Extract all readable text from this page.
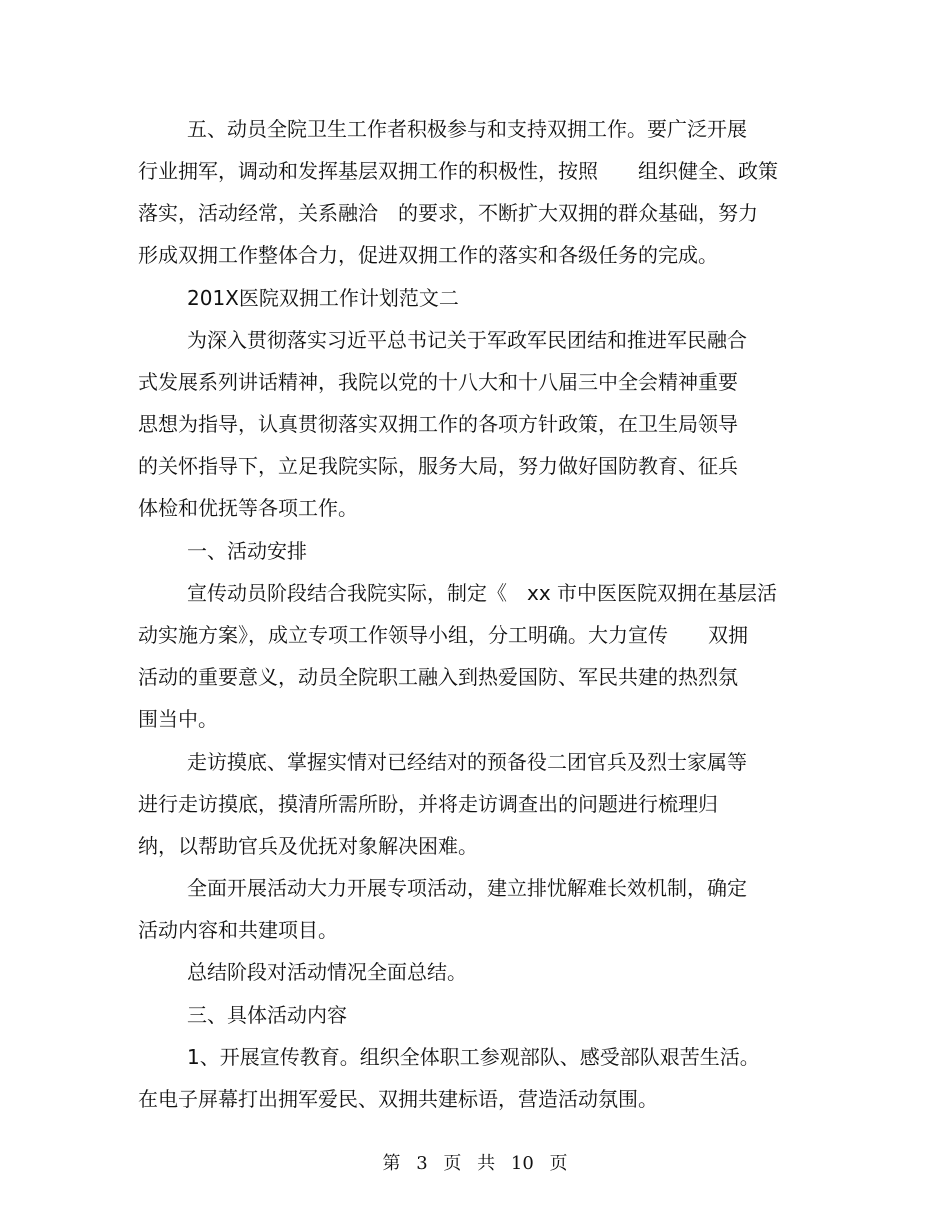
五、动员全院卫生工作者积极参与和支持双拥工作。要广泛开展

行业拥军，调动和发挥基层双拥工作的积极性，按照　　组织健全、政策

落实，活动经常，关系融洽　的要求，不断扩大双拥的群众基础，努力

形成双拥工作整体合力，促进双拥工作的落实和各级任务的完成。

201X医院双拥工作计划范文二

为深入贯彻落实习近平总书记关于军政军民团结和推进军民融合

式发展系列讲话精神，我院以党的十八大和十八届三中全会精神重要

思想为指导，认真贯彻落实双拥工作的各项方针政策，在卫生局领导

的关怀指导下，立足我院实际，服务大局，努力做好国防教育、征兵

体检和优抚等各项工作。

一、活动安排

宣传动员阶段结合我院实际，制定《　xx 市中医医院双拥在基层活

动实施方案》，成立专项工作领导小组，分工明确。大力宣传　　双拥

活动的重要意义，动员全院职工融入到热爱国防、军民共建的热烈氛

围当中。

走访摸底、掌握实情对已经结对的预备役二团官兵及烈士家属等

进行走访摸底，摸清所需所盼，并将走访调查出的问题进行梳理归

纳，以帮助官兵及优抚对象解决困难。

全面开展活动大力开展专项活动，建立排忧解难长效机制，确定

活动内容和共建项目。

总结阶段对活动情况全面总结。

三、具体活动内容

1、开展宣传教育。组织全体职工参观部队、感受部队艰苦生活。

在电子屏幕打出拥军爱民、双拥共建标语，营造活动氛围。

第 3 页 共 10 页
